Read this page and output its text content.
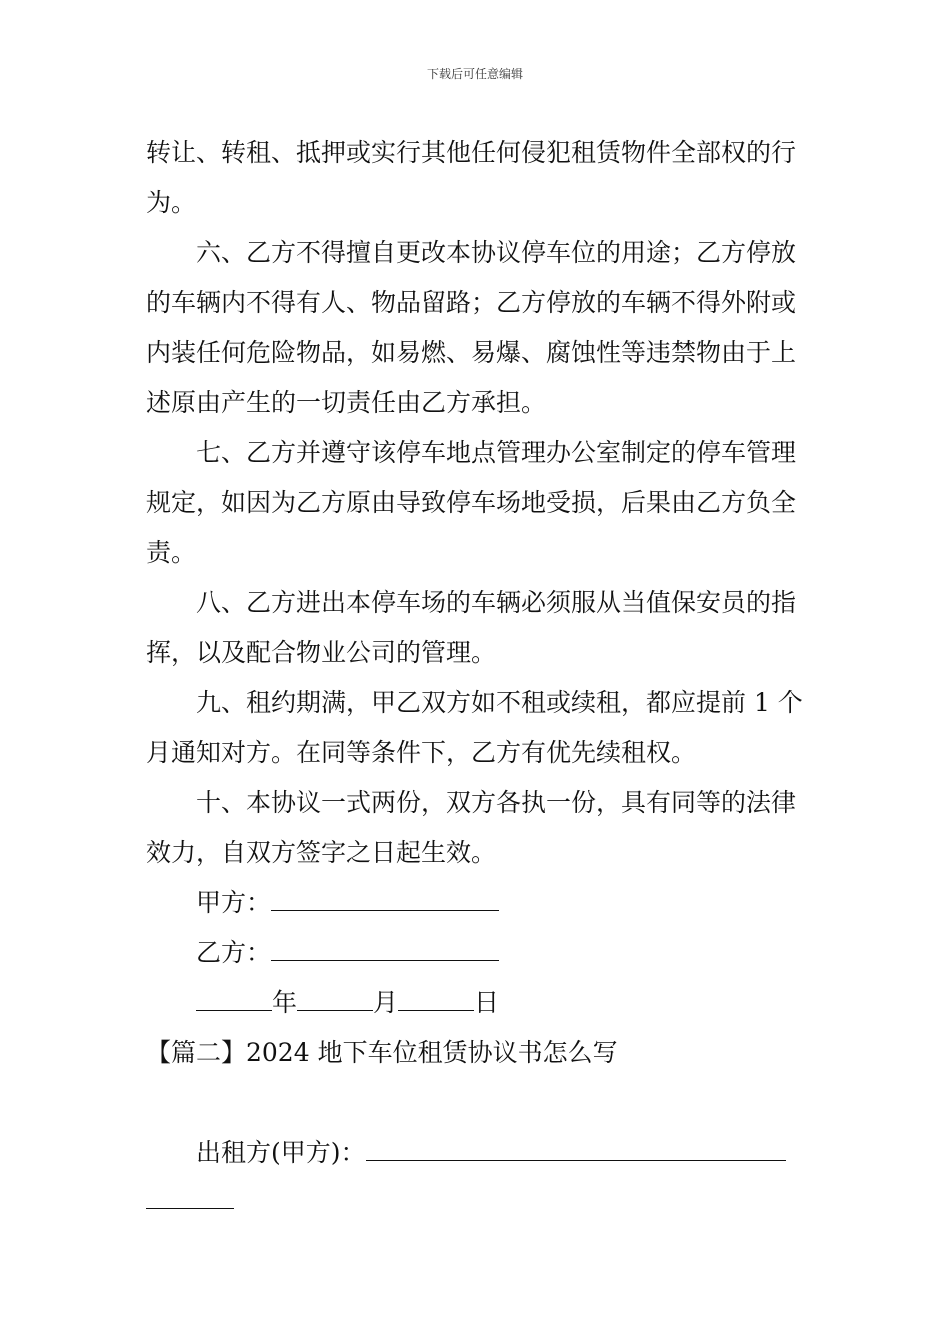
下载后可任意编辑

转让、转租、抵押或实行其他任何侵犯租赁物件全部权的行为。

六、乙方不得擅自更改本协议停车位的用途；乙方停放的车辆内不得有人、物品留路；乙方停放的车辆不得外附或内装任何危险物品，如易燃、易爆、腐蚀性等违禁物由于上述原由产生的一切责任由乙方承担。

七、乙方并遵守该停车地点管理办公室制定的停车管理规定，如因为乙方原由导致停车场地受损，后果由乙方负全责。

八、乙方进出本停车场的车辆必须服从当值保安员的指挥，以及配合物业公司的管理。

九、租约期满，甲乙双方如不租或续租，都应提前 1 个月通知对方。在同等条件下，乙方有优先续租权。

十、本协议一式两份，双方各执一份，具有同等的法律效力，自双方签字之日起生效。

甲方：

乙方：

年	月	日

【篇二】2024 地下车位租赁协议书怎么写

出租方(甲方)：
